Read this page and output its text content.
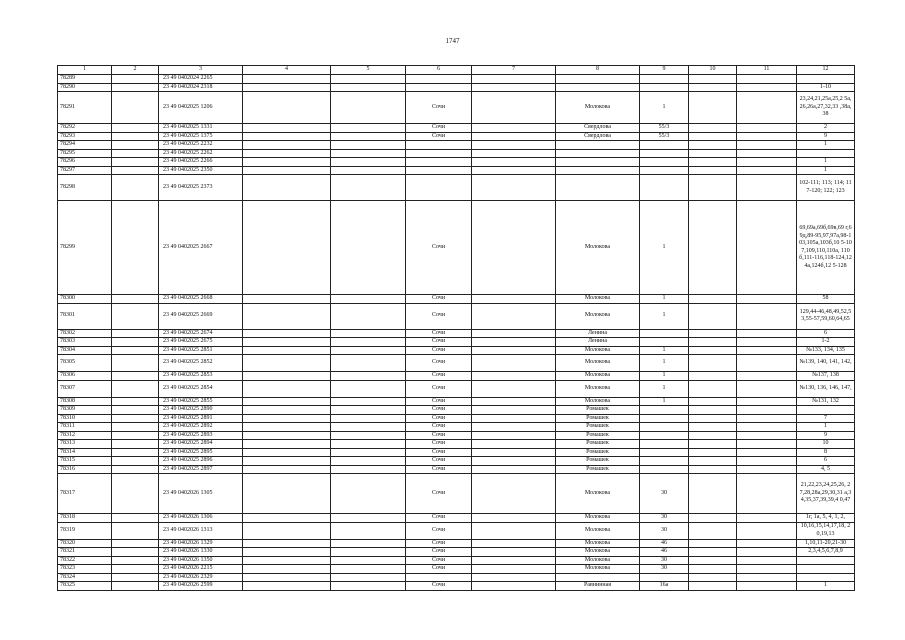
1747
1	2	3	4	5	6	7	8	9	10	11	12
78289		23 49 0402024 2265									
78290		23 49 0402024 2318									1-10
78291		23 49 0402025 1206			Сочи		Молокова	1			23,24,21,25а,25,2 5а,26,26а,27,32,33 ,38а,38
78292		23 49 0402025 1331			Сочи		Свердлова	55/3			2
78293		23 49 0402025 1375			Сочи		Свердлова	55/3			9
78294		23 49 0402025 2232									1
78295		23 49 0402025 2262									
78296		23 49 0402025 2266									1
78297		23 49 0402025 2350									1
78298		23 49 0402025 2373									102-111; 113; 114; 117-120; 122; 123
78299		23 49 0402025 2667			Сочи		Молокова	1			69,69а,69б,69в,69 г,69д,89-95,97,97а,98-103,105а,103б,10 5-107,109,110,110а, 110б,111-116,118-124,124а,124б,12 5-128
78300		23 49 0402025 2668			Сочи		Молокова	1			58
78301		23 49 0402025 2669			Сочи		Молокова	1			129,44-46,48,49,52,53,55-57,59,60,64,65
78302		23 49 0402025 2674			Сочи		Ленина				6
78303		23 49 0402025 2675			Сочи		Ленина				1-2
78304		23 49 0402025 2851			Сочи		Молокова	1			№133, 134, 135
78305		23 49 0402025 2852			Сочи		Молокова	1			№139, 140, 141, 142,
78306		23 49 0402025 2853			Сочи		Молокова	1			№137, 138
78307		23 49 0402025 2854			Сочи		Молокова	1			№130, 136, 146, 147,
78308		23 49 0402025 2855			Сочи		Молокова	1			№131, 132
78309		23 49 0402025 2890			Сочи		Ромашек				
78310		23 49 0402025 2891			Сочи		Ромашек				7
78311		23 49 0402025 2892			Сочи		Ромашек				1
78312		23 49 0402025 2893			Сочи		Ромашек				9
78313		23 49 0402025 2894			Сочи		Ромашек				10
78314		23 49 0402025 2895			Сочи		Ромашек				8
78315		23 49 0402025 2896			Сочи		Ромашек				6
78316		23 49 0402025 2897			Сочи		Ромашек				4, 5
78317		23 49 0402026 1305			Сочи		Молокова	30			21,22,23,24,25,26, 27,28,28а,29,30,31 а,34,35,37,39,39,4 0,47
78318		23 49 0402026 1306			Сочи		Молокова	30			1г, 1а, 5, 4, 1, 2,
78319		23 49 0402026 1313			Сочи		Молокова	30			10,16,15,14,17,18, 20,19,13
78320		23 49 0402026 1329			Сочи		Молокова	46			1,10,11-20,21-30
78321		23 49 0402026 1330			Сочи		Молокова	46			2,3,4,5,6,7,8,9
78322		23 49 0402026 1350			Сочи		Молокова	30			
78323		23 49 0402026 2215			Сочи		Молокова	30			
78324		23 49 0402026 2329									
78325		23 49 0402026 2599			Сочи		Равнинная	16а			1
